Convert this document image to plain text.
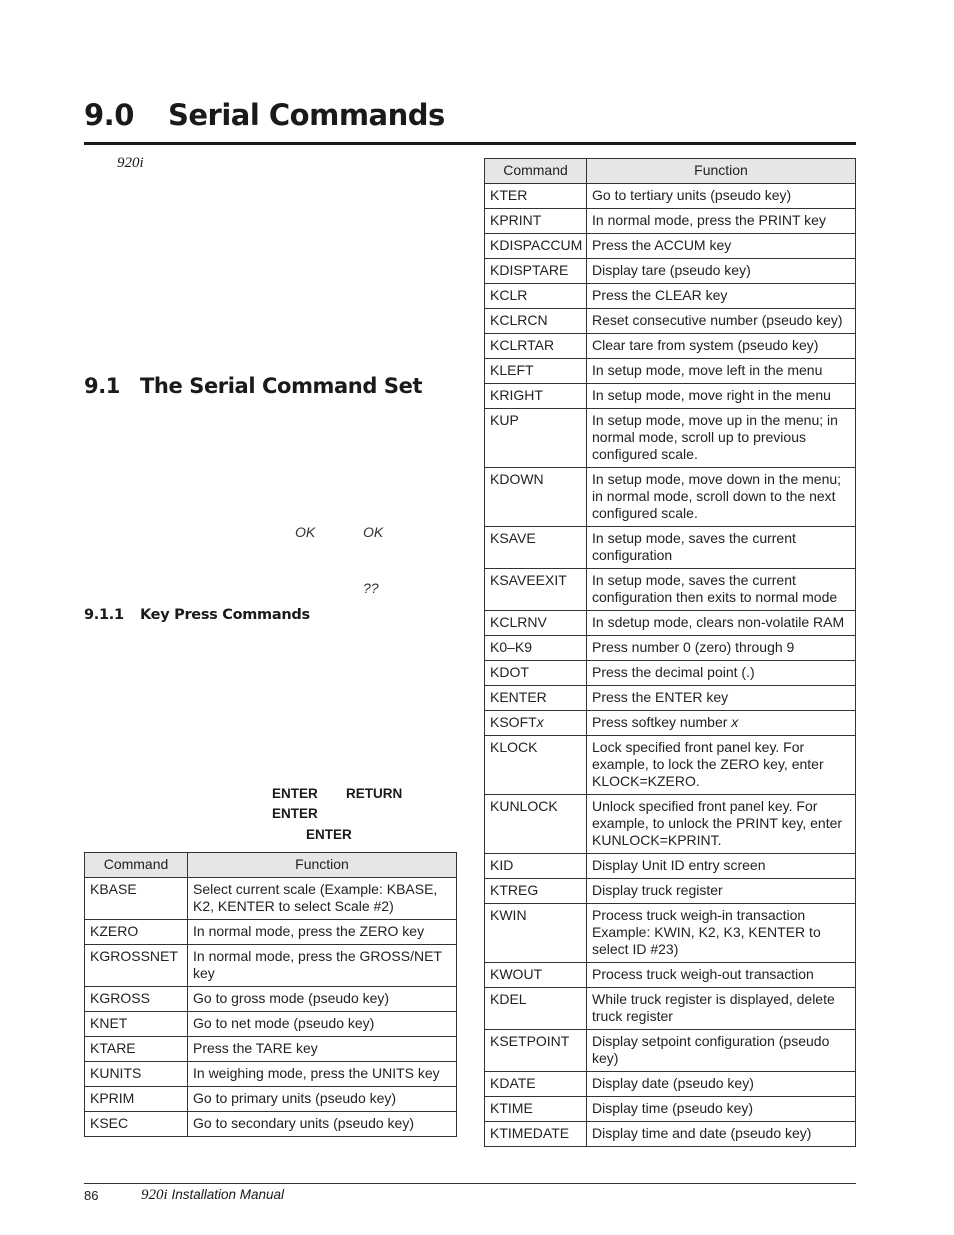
9.0 Serial Commands
920i
9.1 The Serial Command Set
OK	OK
??
9.1.1 Key Press Commands
ENTER RETURN
ENTER
ENTER
Command	Function
KBASE	Select current scale (Example: KBASE, K2, KENTER to select Scale #2)
KZERO	In normal mode, press the ZERO key
KGROSSNET	In normal mode, press the GROSS/NET key
KGROSS	Go to gross mode (pseudo key)
KNET	Go to net mode (pseudo key)
KTARE	Press the TARE key
KUNITS	In weighing mode, press the UNITS key
KPRIM	Go to primary units (pseudo key)
KSEC	Go to secondary units (pseudo key)
Command	Function
KTER	Go to tertiary units (pseudo key)
KPRINT	In normal mode, press the PRINT key
KDISPACCUM	Press the ACCUM key
KDISPTARE	Display tare (pseudo key)
KCLR	Press the CLEAR key
KCLRCN	Reset consecutive number (pseudo key)
KCLRTAR	Clear tare from system (pseudo key)
KLEFT	In setup mode, move left in the menu
KRIGHT	In setup mode, move right in the menu
KUP	In setup mode, move up in the menu; in normal mode, scroll up to previous configured scale.
KDOWN	In setup mode, move down in the menu; in normal mode, scroll down to the next configured scale.
KSAVE	In setup mode, saves the current configuration
KSAVEEXIT	In setup mode, saves the current configuration then exits to normal mode
KCLRNV	In sdetup mode, clears non-volatile RAM
K0–K9	Press number 0 (zero) through 9
KDOT	Press the decimal point (.)
KENTER	Press the ENTER key
KSOFTx	Press softkey number x
KLOCK	Lock specified front panel key. For example, to lock the ZERO key, enter KLOCK=KZERO.
KUNLOCK	Unlock specified front panel key. For example, to unlock the PRINT key, enter KUNLOCK=KPRINT.
KID	Display Unit ID entry screen
KTREG	Display truck register
KWIN	Process truck weigh-in transaction Example: KWIN, K2, K3, KENTER to select ID #23)
KWOUT	Process truck weigh-out transaction
KDEL	While truck register is displayed, delete truck register
KSETPOINT	Display setpoint configuration (pseudo key)
KDATE	Display date (pseudo key)
KTIME	Display time (pseudo key)
KTIMEDATE	Display time and date (pseudo key)
86	920i Installation Manual
